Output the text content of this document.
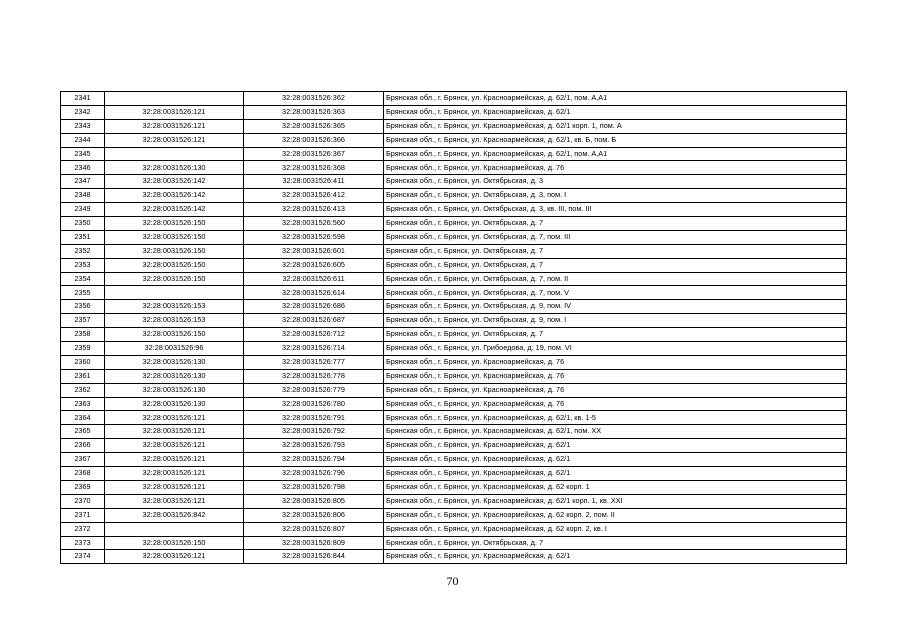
2341		32:28:0031526:362	Брянская обл., г. Брянск, ул. Красноармейская, д. 62/1, пом. А,А1
2342	32:28:0031526:121	32:28:0031526:363	Брянская обл., г. Брянск, ул. Красноармейская, д. 62/1
2343	32:28:0031526:121	32:28:0031526:365	Брянская обл., г. Брянск, ул. Красноармейская, д. 62/1 корп. 1, пом. А
2344	32:28:0031526:121	32:28:0031526:366	Брянская обл., г. Брянск, ул. Красноармейская, д. 62/1, кв. Б, пом. Б
2345		32:28:0031526:367	Брянская обл., г. Брянск, ул. Красноармейская, д. 62/1, пом. А,А1
2346	32:28:0031526:130	32:28:0031526:368	Брянская обл., г. Брянск, ул. Красноармейская, д. 76
2347	32:28:0031526:142	32:28:0031526:411	Брянская обл., г. Брянск, ул. Октябрьская, д. 3
2348	32:28:0031526:142	32:28:0031526:412	Брянская обл., г. Брянск, ул. Октябрьская, д. 3, пом. I
2349	32:28:0031526:142	32:28:0031526:413	Брянская обл., г. Брянск, ул. Октябрьская, д. 3, кв. III, пом. III
2350	32:28:0031526:150	32:28:0031526:560	Брянская обл., г. Брянск, ул. Октябрьская, д. 7
2351	32:28:0031526:150	32:28:0031526:598	Брянская обл., г. Брянск, ул. Октябрьская, д. 7, пом. III
2352	32:28:0031526:150	32:28:0031526:601	Брянская обл., г. Брянск, ул. Октябрьская, д. 7
2353	32:28:0031526:150	32:28:0031526:605	Брянская обл., г. Брянск, ул. Октябрьская, д. 7
2354	32:28:0031526:150	32:28:0031526:611	Брянская обл., г. Брянск, ул. Октябрьская, д. 7, пом. II
2355		32:28:0031526:614	Брянская обл., г. Брянск, ул. Октябрьская, д. 7, пом. V
2356	32:28:0031526:153	32:28:0031526:686	Брянская обл., г. Брянск, ул. Октябрьская, д. 9, пом. IV
2357	32:28:0031526:153	32:28:0031526:687	Брянская обл., г. Брянск, ул. Октябрьская, д. 9, пом. I
2358	32:28:0031526:150	32:28:0031526:712	Брянская обл., г. Брянск, ул. Октябрьская, д. 7
2359	32:28:0031526:96	32:28:0031526:714	Брянская обл., г. Брянск, ул. Грибоедова, д. 19, пом. VI
2360	32:28:0031526:130	32:28:0031526:777	Брянская обл., г. Брянск, ул. Красноармейская, д. 76
2361	32:28:0031526:130	32:28:0031526:778	Брянская обл., г. Брянск, ул. Красноармейская, д. 76
2362	32:28:0031526:130	32:28:0031526:779	Брянская обл., г. Брянск, ул. Красноармейская, д. 76
2363	32:28:0031526:130	32:28:0031526:780	Брянская обл., г. Брянск, ул. Красноармейская, д. 76
2364	32:28:0031526:121	32:28:0031526:791	Брянская обл., г. Брянск, ул. Красноармейская, д. 62/1, кв. 1-5
2365	32:28:0031526:121	32:28:0031526:792	Брянская обл., г. Брянск, ул. Красноармейская, д. 62/1, пом. XX
2366	32:28:0031526:121	32:28:0031526:793	Брянская обл., г. Брянск, ул. Красноармейская, д. 62/1
2367	32:28:0031526:121	32:28:0031526:794	Брянская обл., г. Брянск, ул. Красноармейская, д. 62/1
2368	32:28:0031526:121	32:28:0031526:796	Брянская обл., г. Брянск, ул. Красноармейская, д. 62/1
2369	32:28:0031526:121	32:28:0031526:798	Брянская обл., г. Брянск, ул. Красноармейская, д. 62 корп. 1
2370	32:28:0031526:121	32:28:0031526:805	Брянская обл., г. Брянск, ул. Красноармейская, д. 62/1 корп. 1, кв. XXI
2371	32:28:0031526:842	32:28:0031526:806	Брянская обл., г. Брянск, ул. Красноармейская, д. 62 корп. 2, пом. II
2372		32:28:0031526:807	Брянская обл., г. Брянск, ул. Красноармейская, д. 62 корп. 2, кв. I
2373	32:28:0031526:150	32:28:0031526:809	Брянская обл., г. Брянск, ул. Октябрьская, д. 7
2374	32:28:0031526:121	32:28:0031526:844	Брянская обл., г. Брянск, ул. Красноармейская, д. 62/1
70
